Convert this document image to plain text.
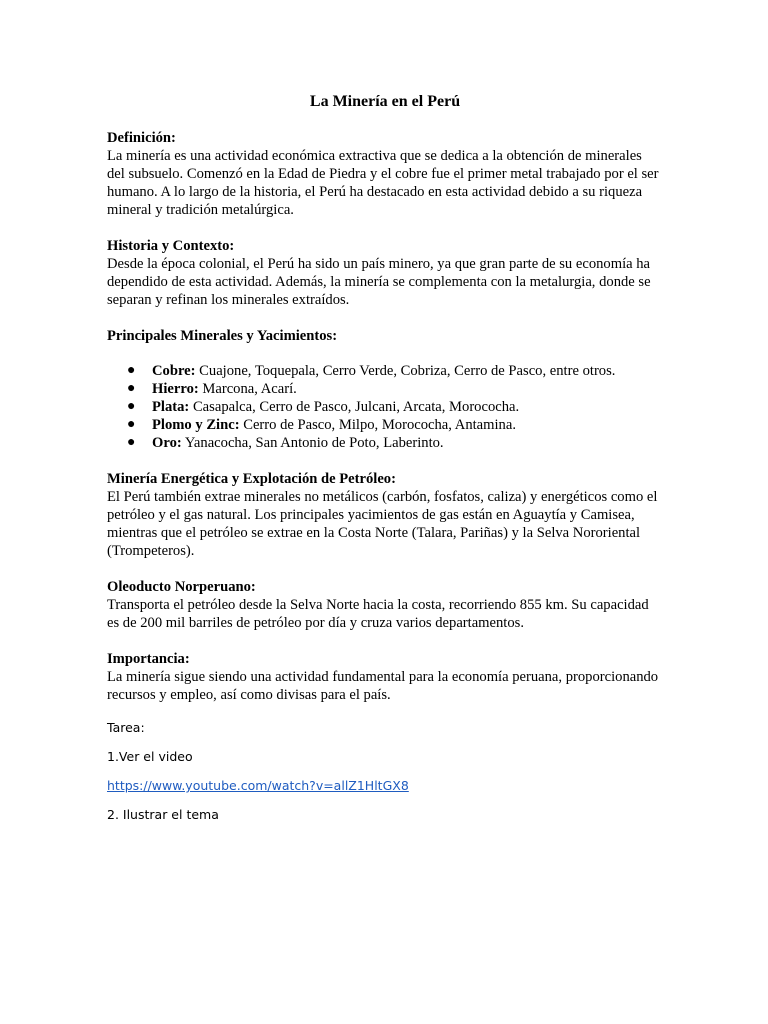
La Minería en el Perú
Definición:
La minería es una actividad económica extractiva que se dedica a la obtención de minerales del subsuelo. Comenzó en la Edad de Piedra y el cobre fue el primer metal trabajado por el ser humano. A lo largo de la historia, el Perú ha destacado en esta actividad debido a su riqueza mineral y tradición metalúrgica.
Historia y Contexto:
Desde la época colonial, el Perú ha sido un país minero, ya que gran parte de su economía ha dependido de esta actividad. Además, la minería se complementa con la metalurgia, donde se separan y refinan los minerales extraídos.
Principales Minerales y Yacimientos:
● Cobre: Cuajone, Toquepala, Cerro Verde, Cobriza, Cerro de Pasco, entre otros.
● Hierro: Marcona, Acarí.
● Plata: Casapalca, Cerro de Pasco, Julcani, Arcata, Morococha.
● Plomo y Zinc: Cerro de Pasco, Milpo, Morococha, Antamina.
● Oro: Yanacocha, San Antonio de Poto, Laberinto.
Minería Energética y Explotación de Petróleo:
El Perú también extrae minerales no metálicos (carbón, fosfatos, caliza) y energéticos como el petróleo y el gas natural. Los principales yacimientos de gas están en Aguaytía y Camisea, mientras que el petróleo se extrae en la Costa Norte (Talara, Pariñas) y la Selva Nororiental (Trompeteros).
Oleoducto Norperuano:
Transporta el petróleo desde la Selva Norte hacia la costa, recorriendo 855 km. Su capacidad es de 200 mil barriles de petróleo por día y cruza varios departamentos.
Importancia:
La minería sigue siendo una actividad fundamental para la economía peruana, proporcionando recursos y empleo, así como divisas para el país.
Tarea:
1.Ver el video
https://www.youtube.com/watch?v=allZ1HltGX8
2. Ilustrar el tema
